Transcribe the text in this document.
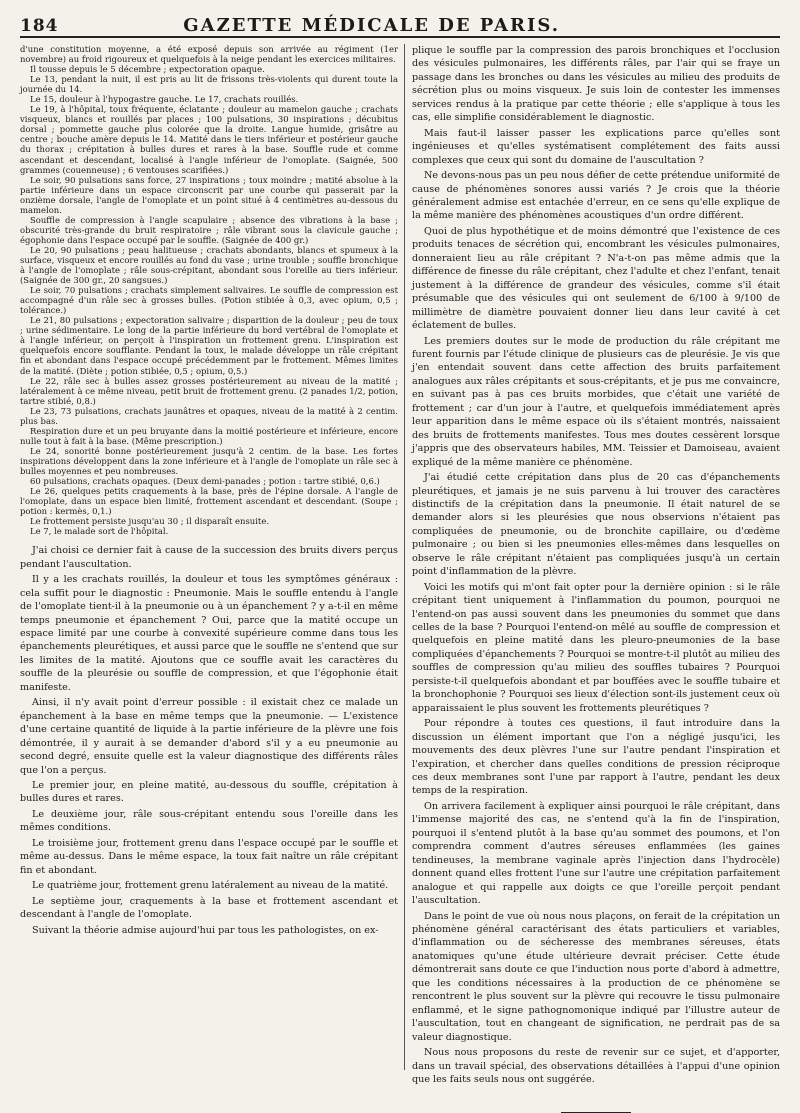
184	GAZETTE MÉDICALE DE PARIS.

d'une constitution moyenne, a été exposé depuis son arrivée au régiment (1er novembre) au froid rigoureux et quelquefois à la neige pendant les exercices militaires.

Il tousse depuis le 5 décembre ; expectoration opaque.

Le 13, pendant la nuit, il est pris au lit de frissons très-violents qui durent toute la journée du 14.

Le 15, douleur à l'hypogastre gauche. Le 17, crachats rouillés.

Le 19, à l'hôpital, toux fréquente, éclatante ; douleur au mamelon gauche ; crachats visqueux, blancs et rouillés par places ; 100 pulsations, 30 inspirations ; décubitus dorsal ; pommette gauche plus colorée que la droite. Langue humide, grisâtre au centre ; bouche amère depuis le 14. Matité dans le tiers inférieur et postérieur gauche du thorax ; crépitation à bulles dures et rares à la base. Souffle rude et comme ascendant et descendant, localisé à l'angle inférieur de l'omoplate. (Saignée, 500 grammes (couenneuse) ; 6 ventouses scarifiées.)

Le soir, 90 pulsations sans force, 27 inspirations ; toux moindre ; matité absolue à la partie inférieure dans un espace circonscrit par une courbe qui passerait par la onzième dorsale, l'angle de l'omoplate et un point situé à 4 centimètres au-dessous du mamelon.

Souffle de compression à l'angle scapulaire ; absence des vibrations à la base ; obscurité très-grande du bruit respiratoire ; râle vibrant sous la clavicule gauche ; égophonie dans l'espace occupé par le souffle. (Saignée de 400 gr.)

Le 20, 90 pulsations ; peau halitueuse ; crachats abondants, blancs et spumeux à la surface, visqueux et encore rouillés au fond du vase ; urine trouble ; souffle bronchique à l'angle de l'omoplate ; râle sous-crépitant, abondant sous l'oreille au tiers inférieur. (Saignée de 300 gr., 20 sangsues.)

Le soir, 70 pulsations ; crachats simplement salivaires. Le souffle de compression est accompagné d'un râle sec à grosses bulles. (Potion stibiée à 0,3, avec opium, 0,5 ; tolérance.)

Le 21, 80 pulsations ; expectoration salivaire ; disparition de la douleur ; peu de toux ; urine sédimentaire. Le long de la partie inférieure du bord vertébral de l'omoplate et à l'angle inférieur, on perçoit à l'inspiration un frottement grenu. L'inspiration est quelquefois encore soufflante. Pendant la toux, le malade développe un râle crépitant fin et abondant dans l'espace occupé précédemment par le frottement. Mêmes limites de la matité. (Diète ; potion stibiée, 0,5 ; opium, 0,5.)

Le 22, râle sec à bulles assez grosses postérieurement au niveau de la matité ; latéralement à ce même niveau, petit bruit de frottement grenu. (2 panades 1/2, potion, tartre stibié, 0,8.)

Le 23, 73 pulsations, crachats jaunâtres et opaques, niveau de la matité à 2 centim. plus bas.

Respiration dure et un peu bruyante dans la moitié postérieure et inférieure, encore nulle tout à fait à la base. (Même prescription.)

Le 24, sonorité bonne postérieurement jusqu'à 2 centim. de la base. Les fortes inspirations développent dans la zone inférieure et à l'angle de l'omoplate un râle sec à bulles moyennes et peu nombreuses.

60 pulsations, crachats opaques. (Deux demi-panades ; potion : tartre stibié, 0,6.)

Le 26, quelques petits craquements à la base, près de l'épine dorsale. A l'angle de l'omoplate, dans un espace bien limité, frottement ascendant et descendant. (Soupe ; potion : kermès, 0,1.)

Le frottement persiste jusqu'au 30 ; il disparaît ensuite.

Le 7, le malade sort de l'hôpital.

J'ai choisi ce dernier fait à cause de la succession des bruits divers perçus pendant l'auscultation.

Il y a les crachats rouillés, la douleur et tous les symptômes généraux : cela suffit pour le diagnostic : Pneumonie. Mais le souffle entendu à l'angle de l'omoplate tient-il à la pneumonie ou à un épanchement ? y a-t-il en même temps pneumonie et épanchement ? Oui, parce que la matité occupe un espace limité par une courbe à convexité supérieure comme dans tous les épanchements pleurétiques, et aussi parce que le souffle ne s'entend que sur les limites de la matité. Ajoutons que ce souffle avait les caractères du souffle de la pleurésie ou souffle de compression, et que l'égophonie était manifeste.

Ainsi, il n'y avait point d'erreur possible : il existait chez ce malade un épanchement à la base en même temps que la pneumonie. — L'existence d'une certaine quantité de liquide à la partie inférieure de la plèvre une fois démontrée, il y aurait à se demander d'abord s'il y a eu pneumonie au second degré, ensuite quelle est la valeur diagnostique des différents râles que l'on a perçus.

Le premier jour, en pleine matité, au-dessous du souffle, crépitation à bulles dures et rares.

Le deuxième jour, râle sous-crépitant entendu sous l'oreille dans les mêmes conditions.

Le troisième jour, frottement grenu dans l'espace occupé par le souffle et même au-dessus. Dans le même espace, la toux fait naître un râle crépitant fin et abondant.

Le quatrième jour, frottement grenu latéralement au niveau de la matité.

Le septième jour, craquements à la base et frottement ascendant et descendant à l'angle de l'omoplate.

Suivant la théorie admise aujourd'hui par tous les pathologistes, on ex-

plique le souffle par la compression des parois bronchiques et l'occlusion des vésicules pulmonaires, les différents râles, par l'air qui se fraye un passage dans les bronches ou dans les vésicules au milieu des produits de sécrétion plus ou moins visqueux. Je suis loin de contester les immenses services rendus à la pratique par cette théorie ; elle s'applique à tous les cas, elle simplifie considérablement le diagnostic.

Mais faut-il laisser passer les explications parce qu'elles sont ingénieuses et qu'elles systématisent complétement des faits aussi complexes que ceux qui sont du domaine de l'auscultation ?

Ne devons-nous pas un peu nous défier de cette prétendue uniformité de cause de phénomènes sonores aussi variés ? Je crois que la théorie généralement admise est entachée d'erreur, en ce sens qu'elle explique de la même manière des phénomènes acoustiques d'un ordre différent.

Quoi de plus hypothétique et de moins démontré que l'existence de ces produits tenaces de sécrétion qui, encombrant les vésicules pulmonaires, donneraient lieu au râle crépitant ? N'a-t-on pas même admis que la différence de finesse du râle crépitant, chez l'adulte et chez l'enfant, tenait justement à la différence de grandeur des vésicules, comme s'il était présumable que des vésicules qui ont seulement de 6/100 à 9/100 de millimètre de diamètre pouvaient donner lieu dans leur cavité à cet éclatement de bulles.

Les premiers doutes sur le mode de production du râle crépitant me furent fournis par l'étude clinique de plusieurs cas de pleurésie. Je vis que j'en entendait souvent dans cette affection des bruits parfaitement analogues aux râles crépitants et sous-crépitants, et je pus me convaincre, en suivant pas à pas ces bruits morbides, que c'était une variété de frottement ; car d'un jour à l'autre, et quelquefois immédiatement après leur apparition dans le même espace où ils s'étaient montrés, naissaient des bruits de frottements manifestes. Tous mes doutes cessèrent lorsque j'appris que des observateurs habiles, MM. Teissier et Damoiseau, avaient expliqué de la même manière ce phénomène.

J'ai étudié cette crépitation dans plus de 20 cas d'épanchements pleurétiques, et jamais je ne suis parvenu à lui trouver des caractères distinctifs de la crépitation dans la pneumonie. Il était naturel de se demander alors si les pleurésies que nous observions n'étaient pas compliquées de pneumonie, ou de bronchite capillaire, ou d'œdème pulmonaire ; ou bien si les pneumonies elles-mêmes dans lesquelles on observe le râle crépitant n'étaient pas compliquées jusqu'à un certain point d'inflammation de la plèvre.

Voici les motifs qui m'ont fait opter pour la dernière opinion : si le râle crépitant tient uniquement à l'inflammation du poumon, pourquoi ne l'entend-on pas aussi souvent dans les pneumonies du sommet que dans celles de la base ? Pourquoi l'entend-on mêlé au souffle de compression et quelquefois en pleine matité dans les pleuro-pneumonies de la base compliquées d'épanchements ? Pourquoi se montre-t-il plutôt au milieu des souffles de compression qu'au milieu des souffles tubaires ? Pourquoi persiste-t-il quelquefois abondant et par bouffées avec le souffle tubaire et la bronchophonie ? Pourquoi ses lieux d'élection sont-ils justement ceux où apparaissaient le plus souvent les frottements pleurétiques ?

Pour répondre à toutes ces questions, il faut introduire dans la discussion un élément important que l'on a négligé jusqu'ici, les mouvements des deux plèvres l'une sur l'autre pendant l'inspiration et l'expiration, et chercher dans quelles conditions de pression réciproque ces deux membranes sont l'une par rapport à l'autre, pendant les deux temps de la respiration.

On arrivera facilement à expliquer ainsi pourquoi le râle crépitant, dans l'immense majorité des cas, ne s'entend qu'à la fin de l'inspiration, pourquoi il s'entend plutôt à la base qu'au sommet des poumons, et l'on comprendra comment d'autres séreuses enflammées (les gaines tendineuses, la membrane vaginale après l'injection dans l'hydrocèle) donnent quand elles frottent l'une sur l'autre une crépitation parfaitement analogue et qui rappelle aux doigts ce que l'oreille perçoit pendant l'auscultation.

Dans le point de vue où nous nous plaçons, on ferait de la crépitation un phénomène général caractérisant des états particuliers et variables, d'inflammation ou de sécheresse des membranes séreuses, états anatomiques qu'une étude ultérieure devrait préciser. Cette étude démontrerait sans doute ce que l'induction nous porte d'abord à admettre, que les conditions nécessaires à la production de ce phénomène se rencontrent le plus souvent sur la plèvre qui recouvre le tissu pulmonaire enflammé, et le signe pathognomonique indiqué par l'illustre auteur de l'auscultation, tout en changeant de signification, ne perdrait pas de sa valeur diagnostique.

Nous nous proposons du reste de revenir sur ce sujet, et d'apporter, dans un travail spécial, des observations détaillées à l'appui d'une opinion que les faits seuls nous ont suggérée.
